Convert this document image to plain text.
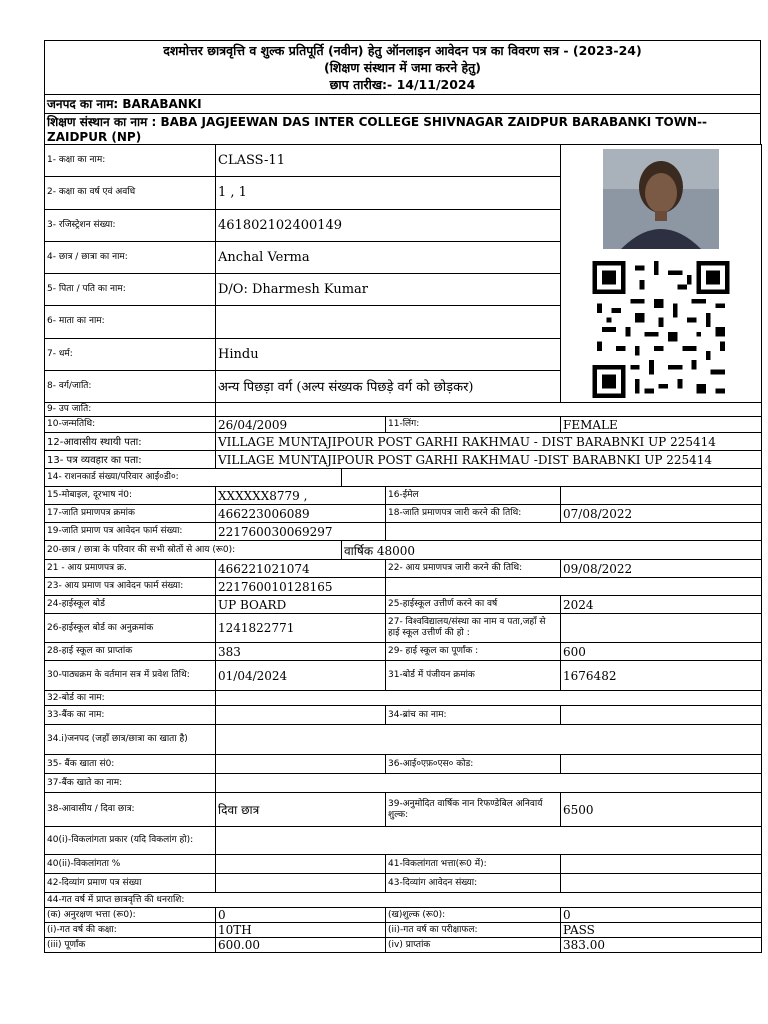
दशमोत्तर छात्रवृत्ति व शुल्क प्रतिपूर्ति (नवीन) हेतु ऑनलाइन आवेदन पत्र का विवरण सत्र - (2023-24)
(शिक्षण संस्थान में जमा करने हेतु)
छाप तारीख:- 14/11/2024
जनपद का नाम: BARABANKI
शिक्षण संस्थान का नाम : BABA JAGJEEWAN DAS INTER COLLEGE SHIVNAGAR ZAIDPUR BARABANKI TOWN--ZAIDPUR (NP)
1- कक्षा का नाम:	CLASS-11	
2- कक्षा का वर्ष एवं अवधि	1 , 1			
3- रजिस्ट्रेशन संख्या:	461802102400149			
4- छात्र / छात्रा का नाम:	Anchal Verma			
5- पिता / पति का नाम:	D/O: Dharmesh Kumar			
6- माता का नाम:				
7- धर्म:	Hindu			
8- वर्ग/जाति:	अन्य पिछड़ा वर्ग (अल्प संख्यक पिछड़े वर्ग को छोड़कर)			
9- उप जाति:				
10-जन्मतिथि:	26/04/2009		11-लिंग:	FEMALE
12-आवासीय स्थायी पता:	VILLAGE MUNTAJIPOUR POST GARHI RAKHMAU - DIST BARABNKI UP 225414			
13- पत्र व्यवहार का पता:	VILLAGE MUNTAJIPOUR POST GARHI RAKHMAU -DIST BARABNKI UP 225414			
14- राशनकार्ड संख्या/परिवार आई०डी०:				
15-मोबाइल, दूरभाष नं0:	XXXXXX8779 ,		16-ईमेल	
17-जाति प्रमाणपत्र क्रमांक	466223006089		18-जाति प्रमाणपत्र जारी करने की तिथि:	07/08/2022
19-जाति प्रमाण पत्र आवेदन फार्म संख्या:	221760030069297			
20-छात्र / छात्रा के परिवार की सभी स्रोतों से आय (रू0):		वार्षिक 48000		
21 - आय प्रमाणपत्र क्र.	466221021074		22- आय प्रमाणपत्र जारी करने की तिथि:	09/08/2022
23- आय प्रमाण पत्र आवेदन फार्म संख्या:	221760010128165			
24-हाईस्कूल बोर्ड	UP BOARD		25-हाईस्कूल उत्तीर्ण करने का वर्ष	2024
26-हाईस्कूल बोर्ड का अनुक्रमांक	1241822771		27- विश्वविद्यालय/संस्था का नाम व पता,जहाँ से हाई स्कूल उत्तीर्ण की हो :	
28-हाई स्कूल का प्राप्तांक	383		29- हाई स्कूल का पूर्णांक :	600
30-पाठ्यक्रम के वर्तमान सत्र में प्रवेश तिथि:	01/04/2024		31-बोर्ड में पंजीयन क्रमांक	1676482
32-बोर्ड का नाम:				
33-बैंक का नाम:			34-ब्रांच का नाम:	
34.i)जनपद (जहाँ छात्र/छात्रा का खाता है)				
35- बैंक खाता सं0:			36-आई०एफ़०एस० कोड:	
37-बैंक खाते का नाम:				
38-आवासीय / दिवा छात्र:	दिवा छात्र		39-अनुमोदित वार्षिक नान रिफण्डेबिल अनिवार्य शुल्क:	6500
40(i)-विकलांगता प्रकार (यदि विकलांग हो):				
40(ii)-विकलांगता %			41-विकलांगता भत्ता(रू0 में):	
42-दिव्यांग प्रमाण पत्र संख्या			43-दिव्यांग आवेदन संख्या:	
44-गत वर्ष में प्राप्त छात्रवृत्ति की धनराशि:				
(क) अनुरक्षण भत्ता (रू0):	0		(ख)शुल्क (रू0):	0
(i)-गत वर्ष की कक्षा:	10TH		(ii)-गत वर्ष का परीक्षाफल:	PASS
(iii) पूर्णांक	600.00		(iv) प्राप्तांक	383.00
